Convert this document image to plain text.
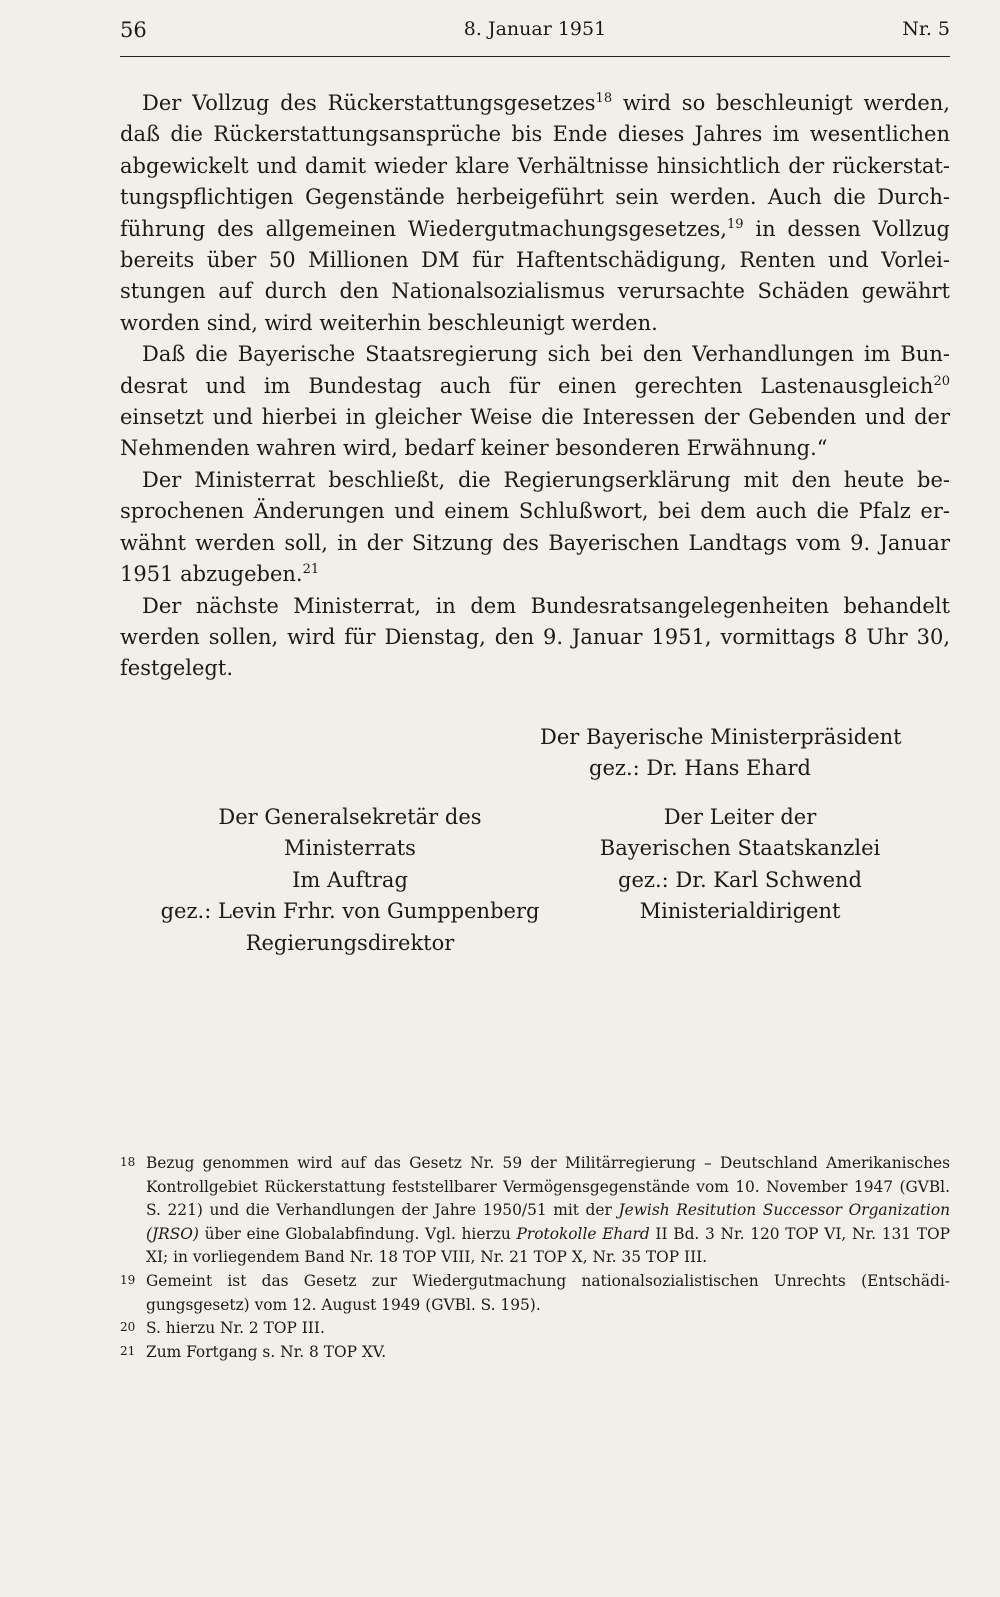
56	8. Januar 1951	Nr. 5

Der Vollzug des Rückerstattungsgesetzes$^{18}$ wird so beschleunigt werden, daß die Rückerstattungsansprüche bis Ende dieses Jahres im wesentlichen abgewickelt und damit wieder klare Verhältnisse hinsichtlich der rückerstattungspflichtigen Gegenstände herbeigeführt sein werden. Auch die Durchführung des allgemeinen Wiedergutmachungsgesetzes,$^{19}$ in dessen Vollzug bereits über 50 Millionen DM für Haftentschädigung, Renten und Vorleistungen auf durch den Nationalsozialismus verursachte Schäden gewährt worden sind, wird weiterhin beschleunigt werden.

Daß die Bayerische Staatsregierung sich bei den Verhandlungen im Bundesrat und im Bundestag auch für einen gerechten Lastenausgleich$^{20}$ einsetzt und hierbei in gleicher Weise die Interessen der Gebenden und der Nehmenden wahren wird, bedarf keiner besonderen Erwähnung.“

Der Ministerrat beschließt, die Regierungserklärung mit den heute besprochenen Änderungen und einem Schlußwort, bei dem auch die Pfalz erwähnt werden soll, in der Sitzung des Bayerischen Landtags vom 9. Januar 1951 abzugeben.$^{21}$

Der nächste Ministerrat, in dem Bundesratsangelegenheiten behandelt werden sollen, wird für Dienstag, den 9. Januar 1951, vormittags 8 Uhr 30, festgelegt.

Der Bayerische Ministerpräsident
gez.: Dr. Hans Ehard
Der Generalsekretär des
Ministerrats
Im Auftrag
gez.: Levin Frhr. von Gumppenberg
Regierungsdirektor
Der Leiter der
Bayerischen Staatskanzlei
gez.: Dr. Karl Schwend
Ministerialdirigent
18 Bezug genommen wird auf das Gesetz Nr. 59 der Militärregierung – Deutschland Amerikanisches Kontrollgebiet Rückerstattung feststellbarer Vermögensgegenstände vom 10. November 1947 (GVBl. S. 221) und die Verhandlungen der Jahre 1950/51 mit der Jewish Resitution Successor Organization (JRSO) über eine Globalabfindung. Vgl. hierzu Protokolle Ehard II Bd. 3 Nr. 120 TOP VI, Nr. 131 TOP XI; in vorliegendem Band Nr. 18 TOP VIII, Nr. 21 TOP X, Nr. 35 TOP III.
19 Gemeint ist das Gesetz zur Wiedergutmachung nationalsozialistischen Unrechts (Entschädigungsgesetz) vom 12. August 1949 (GVBl. S. 195).
20 S. hierzu Nr. 2 TOP III.
21 Zum Fortgang s. Nr. 8 TOP XV.
